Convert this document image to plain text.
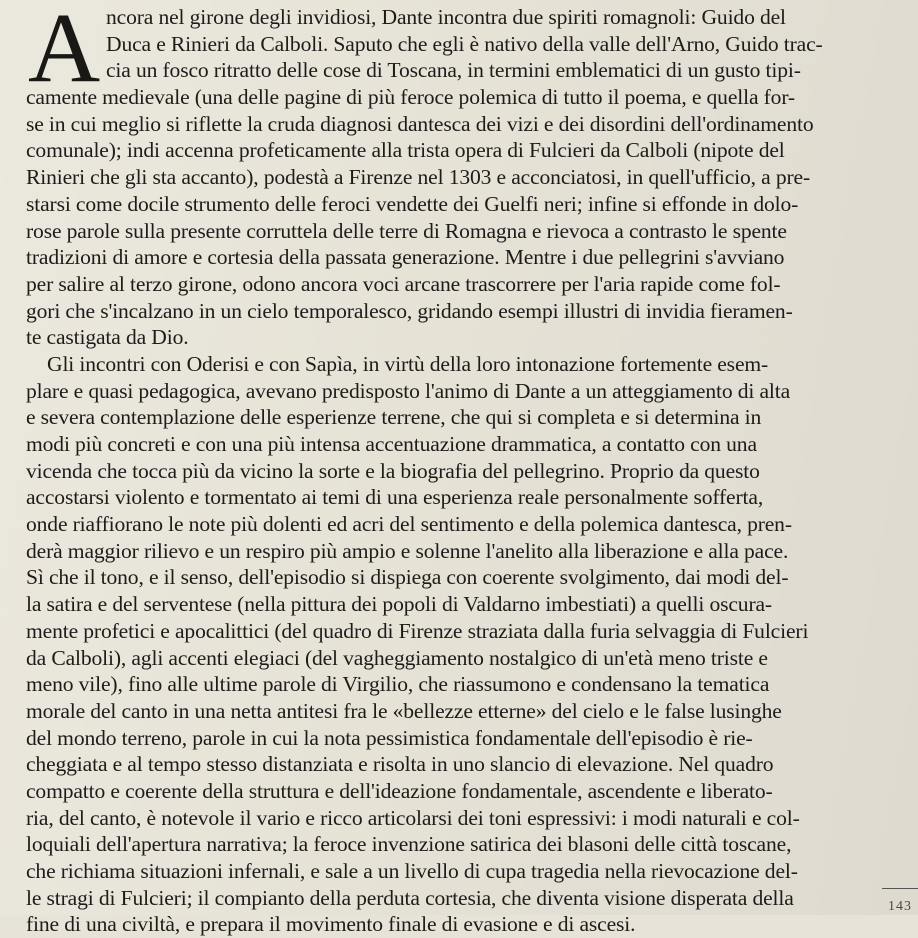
A ncora nel girone degli invidiosi, Dante incontra due spiriti romagnoli: Guido del
Duca e Rinieri da Calboli. Saputo che egli è nativo della valle dell'Arno, Guido trac-
cia un fosco ritratto delle cose di Toscana, in termini emblematici di un gusto tipi-
camente medievale (una delle pagine di più feroce polemica di tutto il poema, e quella for-
se in cui meglio si riflette la cruda diagnosi dantesca dei vizi e dei disordini dell'ordinamento
comunale); indi accenna profeticamente alla trista opera di Fulcieri da Calboli (nipote del
Rinieri che gli sta accanto), podestà a Firenze nel 1303 e acconciatosi, in quell'ufficio, a pre-
starsi come docile strumento delle feroci vendette dei Guelfi neri; infine si effonde in dolo-
rose parole sulla presente corruttela delle terre di Romagna e rievoca a contrasto le spente
tradizioni di amore e cortesia della passata generazione. Mentre i due pellegrini s'avviano
per salire al terzo girone, odono ancora voci arcane trascorrere per l'aria rapide come fol-
gori che s'incalzano in un cielo temporalesco, gridando esempi illustri di invidia fieramen-
te castigata da Dio.
Gli incontri con Oderisi e con Sapìa, in virtù della loro intonazione fortemente esem-
plare e quasi pedagogica, avevano predisposto l'animo di Dante a un atteggiamento di alta
e severa contemplazione delle esperienze terrene, che qui si completa e si determina in
modi più concreti e con una più intensa accentuazione drammatica, a contatto con una
vicenda che tocca più da vicino la sorte e la biografia del pellegrino. Proprio da questo
accostarsi violento e tormentato ai temi di una esperienza reale personalmente sofferta,
onde riaffiorano le note più dolenti ed acri del sentimento e della polemica dantesca, pren-
derà maggior rilievo e un respiro più ampio e solenne l'anelito alla liberazione e alla pace.
Sì che il tono, e il senso, dell'episodio si dispiega con coerente svolgimento, dai modi del-
la satira e del serventese (nella pittura dei popoli di Valdarno imbestiati) a quelli oscura-
mente profetici e apocalittici (del quadro di Firenze straziata dalla furia selvaggia di Fulcieri
da Calboli), agli accenti elegiaci (del vagheggiamento nostalgico di un'età meno triste e
meno vile), fino alle ultime parole di Virgilio, che riassumono e condensano la tematica
morale del canto in una netta antitesi fra le «bellezze etterne» del cielo e le false lusinghe
del mondo terreno, parole in cui la nota pessimistica fondamentale dell'episodio è rie-
cheggiata e al tempo stesso distanziata e risolta in uno slancio di elevazione. Nel quadro
compatto e coerente della struttura e dell'ideazione fondamentale, ascendente e liberato-
ria, del canto, è notevole il vario e ricco articolarsi dei toni espressivi: i modi naturali e col-
loquiali dell'apertura narrativa; la feroce invenzione satirica dei blasoni delle città toscane,
che richiama situazioni infernali, e sale a un livello di cupa tragedia nella rievocazione del-
le stragi di Fulcieri; il compianto della perduta cortesia, che diventa visione disperata della
fine di una civiltà, e prepara il movimento finale di evasione e di ascesi.
143
